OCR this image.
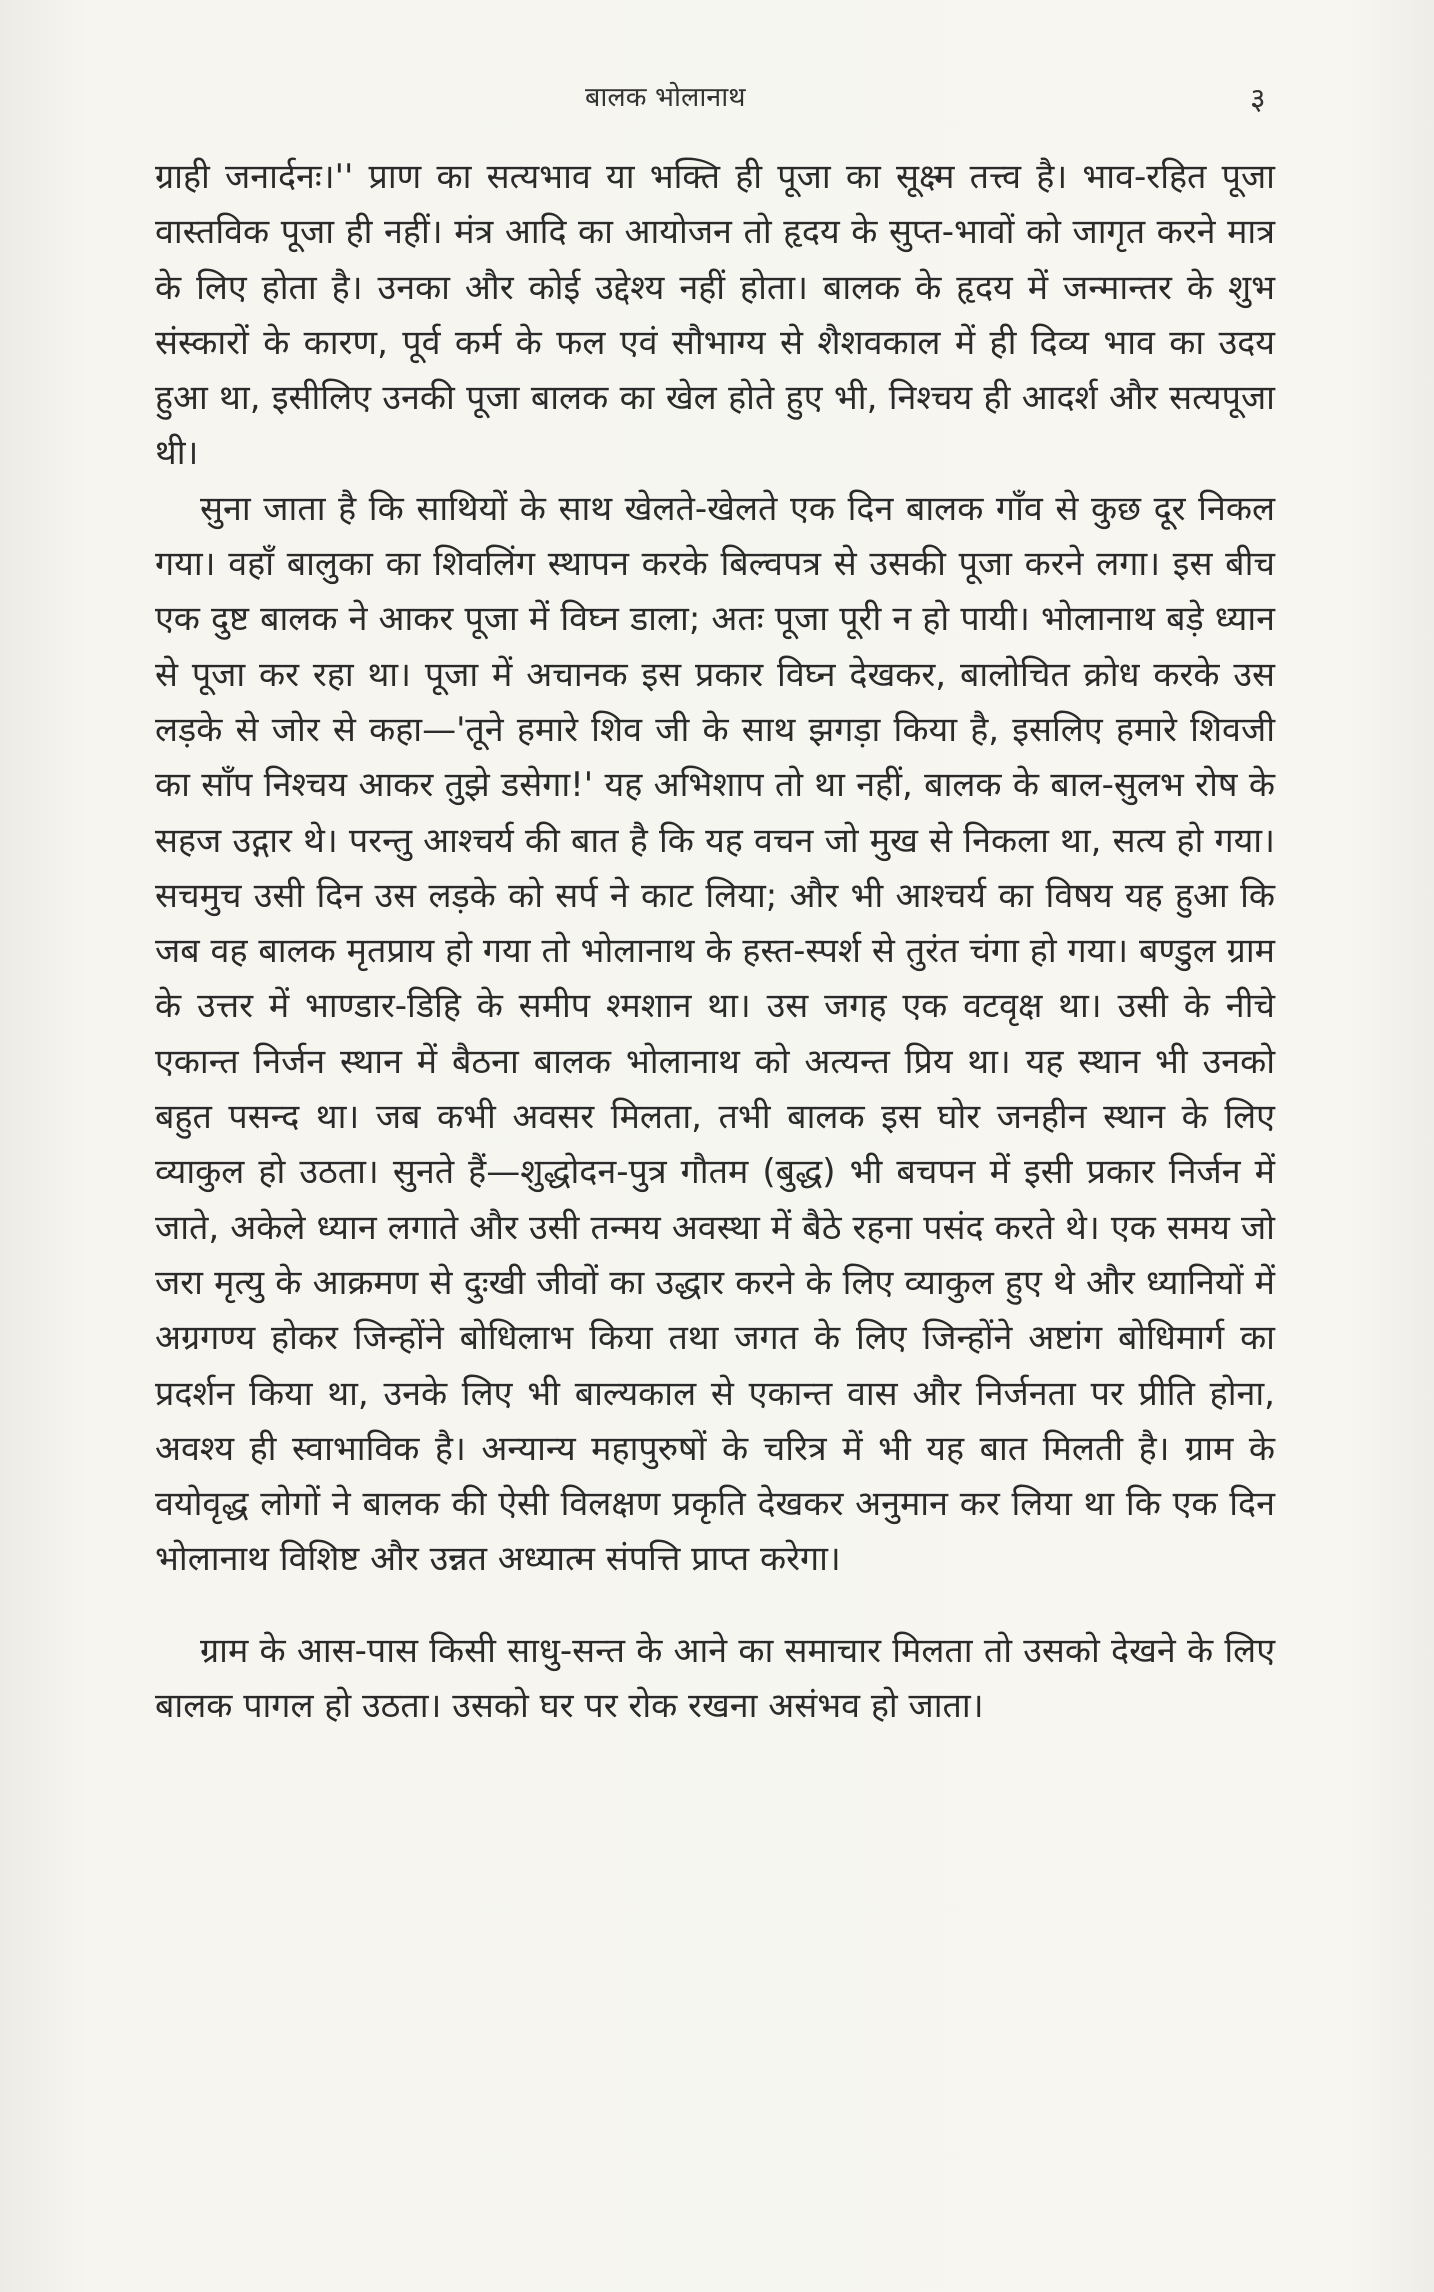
बालक भोलानाथ	३

ग्राही जनार्दनः।'' प्राण का सत्यभाव या भक्ति ही पूजा का सूक्ष्म तत्त्व है। भाव-रहित पूजा वास्तविक पूजा ही नहीं। मंत्र आदि का आयोजन तो हृदय के सुप्त-भावों को जागृत करने मात्र के लिए होता है। उनका और कोई उद्देश्य नहीं होता। बालक के हृदय में जन्मान्तर के शुभ संस्कारों के कारण, पूर्व कर्म के फल एवं सौभाग्य से शैशवकाल में ही दिव्य भाव का उदय हुआ था, इसीलिए उनकी पूजा बालक का खेल होते हुए भी, निश्चय ही आदर्श और सत्यपूजा थी।

सुना जाता है कि साथियों के साथ खेलते-खेलते एक दिन बालक गाँव से कुछ दूर निकल गया। वहाँ बालुका का शिवलिंग स्थापन करके बिल्वपत्र से उसकी पूजा करने लगा। इस बीच एक दुष्ट बालक ने आकर पूजा में विघ्न डाला; अतः पूजा पूरी न हो पायी। भोलानाथ बड़े ध्यान से पूजा कर रहा था। पूजा में अचानक इस प्रकार विघ्न देखकर, बालोचित क्रोध करके उस लड़के से जोर से कहा—'तूने हमारे शिव जी के साथ झगड़ा किया है, इसलिए हमारे शिवजी का साँप निश्चय आकर तुझे डसेगा!' यह अभिशाप तो था नहीं, बालक के बाल-सुलभ रोष के सहज उद्गार थे। परन्तु आश्चर्य की बात है कि यह वचन जो मुख से निकला था, सत्य हो गया। सचमुच उसी दिन उस लड़के को सर्प ने काट लिया; और भी आश्चर्य का विषय यह हुआ कि जब वह बालक मृतप्राय हो गया तो भोलानाथ के हस्त-स्पर्श से तुरंत चंगा हो गया। बण्डुल ग्राम के उत्तर में भाण्डार-डिहि के समीप श्मशान था। उस जगह एक वटवृक्ष था। उसी के नीचे एकान्त निर्जन स्थान में बैठना बालक भोलानाथ को अत्यन्त प्रिय था। यह स्थान भी उनको बहुत पसन्द था। जब कभी अवसर मिलता, तभी बालक इस घोर जनहीन स्थान के लिए व्याकुल हो उठता। सुनते हैं—शुद्धोदन-पुत्र गौतम (बुद्ध) भी बचपन में इसी प्रकार निर्जन में जाते, अकेले ध्यान लगाते और उसी तन्मय अवस्था में बैठे रहना पसंद करते थे। एक समय जो जरा मृत्यु के आक्रमण से दुःखी जीवों का उद्धार करने के लिए व्याकुल हुए थे और ध्यानियों में अग्रगण्य होकर जिन्होंने बोधिलाभ किया तथा जगत के लिए जिन्होंने अष्टांग बोधिमार्ग का प्रदर्शन किया था, उनके लिए भी बाल्यकाल से एकान्त वास और निर्जनता पर प्रीति होना, अवश्य ही स्वाभाविक है। अन्यान्य महापुरुषों के चरित्र में भी यह बात मिलती है। ग्राम के वयोवृद्ध लोगों ने बालक की ऐसी विलक्षण प्रकृति देखकर अनुमान कर लिया था कि एक दिन भोलानाथ विशिष्ट और उन्नत अध्यात्म संपत्ति प्राप्त करेगा।

ग्राम के आस-पास किसी साधु-सन्त के आने का समाचार मिलता तो उसको देखने के लिए बालक पागल हो उठता। उसको घर पर रोक रखना असंभव हो जाता।
